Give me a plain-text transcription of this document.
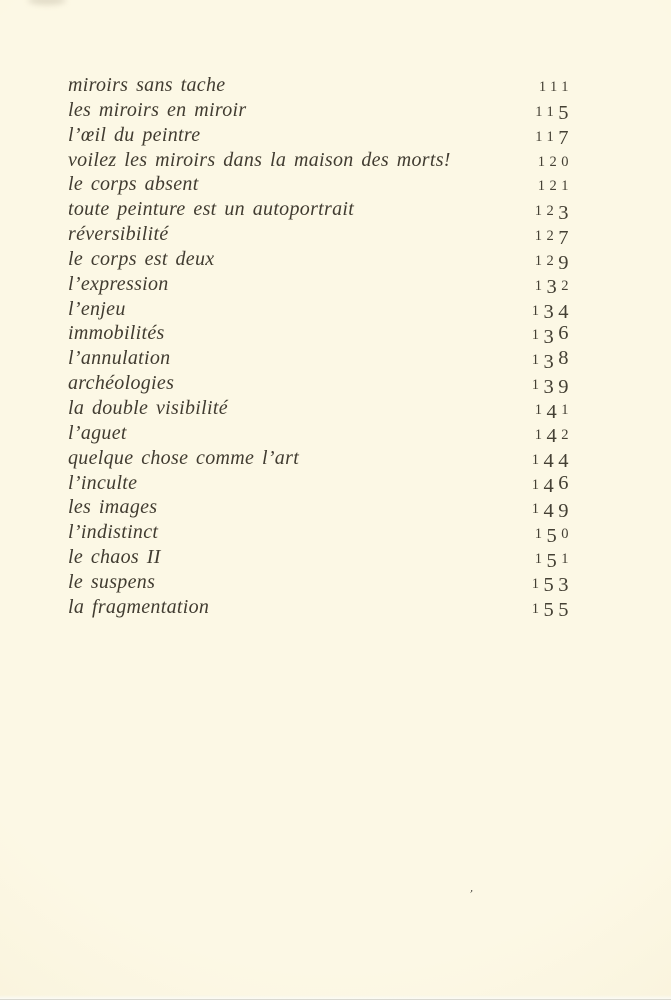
miroirs sans tache	111
les miroirs en miroir	115
l’œil du peintre	117
voilez les miroirs dans la maison des morts!	120
le corps absent	121
toute peinture est un autoportrait	123
réversibilité	127
le corps est deux	129
l’expression	132
l’enjeu	134
immobilités	136
l’annulation	138
archéologies	139
la double visibilité	141
l’aguet	142
quelque chose comme l’art	144
l’inculte	146
les images	149
l’indistinct	150
le chaos II	151
le suspens	153
la fragmentation	155
’
